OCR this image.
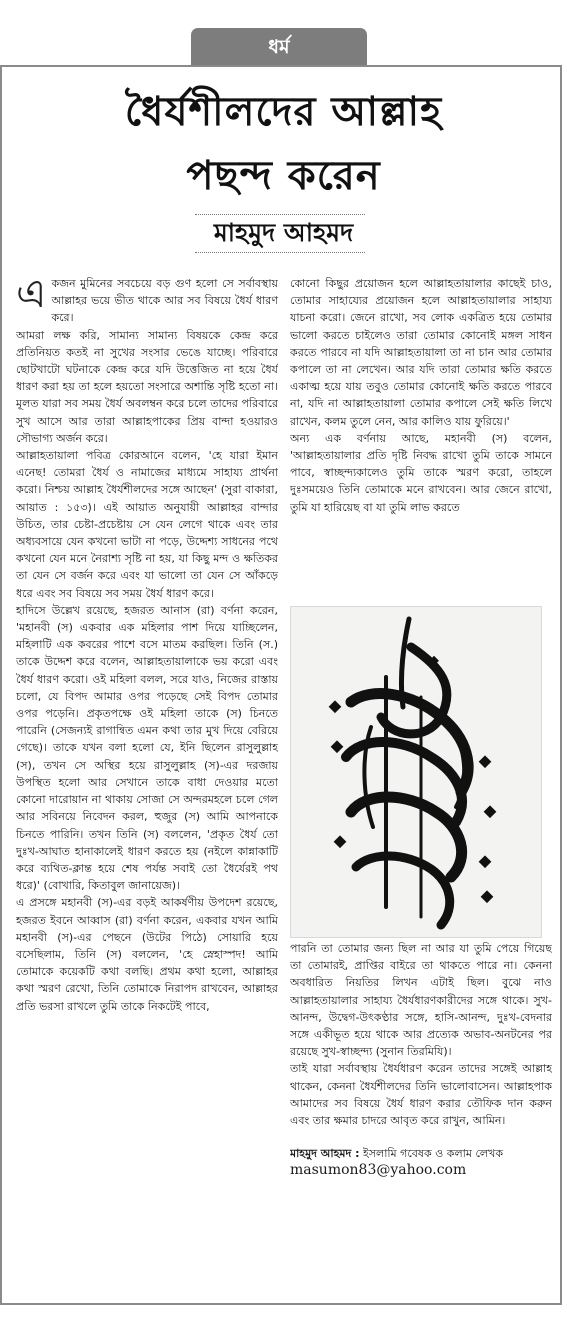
ধর্ম
ধৈর্যশীলদের আল্লাহ
পছন্দ করেন
মাহমুদ আহমদ

একজন মুমিনের সবচেয়ে বড় গুণ হলো সে সর্বাবস্থায় আল্লাহর ভয়ে ভীত থাকে আর সব বিষয়ে ধৈর্য ধারণ করে।

আমরা লক্ষ করি, সামান্য সামান্য বিষয়কে কেন্দ্র করে প্রতিনিয়ত কতই না সুখের সংসার ভেঙে যাচ্ছে। পরিবারে ছোটখাটো ঘটনাকে কেন্দ্র করে যদি উত্তেজিত না হয়ে ধৈর্য ধারণ করা হয় তা হলে হয়তো সংসারে অশান্তি সৃষ্টি হতো না। মূলত যারা সব সময় ধৈর্য অবলম্বন করে চলে তাদের পরিবারে সুখ আসে আর তারা আল্লাহপাকের প্রিয় বান্দা হওয়ারও সৌভাগ্য অর্জন করে।

আল্লাহতায়ালা পবিত্র কোরআনে বলেন, 'হে যারা ইমান এনেছ! তোমরা ধৈর্য ও নামাজের মাধ্যমে সাহায্য প্রার্থনা করো। নিশ্চয় আল্লাহ ধৈর্যশীলদের সঙ্গে আছেন' (সুরা বাকারা, আয়াত : ১৫৩)। এই আয়াত অনুযায়ী আল্লাহর বান্দার উচিত, তার চেষ্টা-প্রচেষ্টায় সে যেন লেগে থাকে এবং তার অধ্যবসায়ে যেন কখনো ভাটা না পড়ে, উদ্দেশ্য সাধনের পথে কখনো যেন মনে নৈরাশ্য সৃষ্টি না হয়, যা কিছু মন্দ ও ক্ষতিকর তা যেন সে বর্জন করে এবং যা ভালো তা যেন সে আঁকড়ে ধরে এবং সব বিষয়ে সব সময় ধৈর্য ধারণ করে।

হাদিসে উল্লেখ রয়েছে, হজরত আনাস (রা) বর্ণনা করেন, 'মহানবী (স) একবার এক মহিলার পাশ দিয়ে যাচ্ছিলেন, মহিলাটি এক কবরের পাশে বসে মাতম করছিল। তিনি (স.) তাকে উদ্দেশ করে বলেন, আল্লাহতায়ালাকে ভয় করো এবং ধৈর্য ধারণ করো। ওই মহিলা বলল, সরে যাও, নিজের রাস্তায় চলো, যে বিপদ আমার ওপর পড়েছে সেই বিপদ তোমার ওপর পড়েনি। প্রকৃতপক্ষে ওই মহিলা তাকে (স) চিনতে পারেনি (সেজন্যই রাগান্বিত এমন কথা তার মুখ দিয়ে বেরিয়ে গেছে)। তাকে যখন বলা হলো যে, ইনি ছিলেন রাসুলুল্লাহ (স), তখন সে অস্থির হয়ে রাসুলুল্লাহ (স)-এর দরজায় উপস্থিত হলো আর সেখানে তাকে বাধা দেওয়ার মতো কোনো দারোয়ান না থাকায় সোজা সে অন্দরমহলে চলে গেল আর সবিনয়ে নিবেদন করল, হুজুর (স) আমি আপনাকে চিনতে পারিনি। তখন তিনি (স) বললেন, 'প্রকৃত ধৈর্য তো দুঃখ-আঘাত হানাকালেই ধারণ করতে হয় (নইলে কান্নাকাটি করে ব্যথিত-ক্লান্ত হয়ে শেষ পর্যন্ত সবাই তো ধৈর্যেরই পথ ধরে)' (বোখারি, কিতাবুল জানায়েজ)।

এ প্রসঙ্গে মহানবী (স)-এর বড়ই আকর্ষণীয় উপদেশ রয়েছে, হজরত ইবনে আব্বাস (রা) বর্ণনা করেন, একবার যখন আমি মহানবী (স)-এর পেছনে (উটের পিঠে) সোয়ারি হয়ে বসেছিলাম, তিনি (স) বললেন, 'হে স্নেহাস্পদ! আমি তোমাকে কয়েকটি কথা বলছি। প্রথম কথা হলো, আল্লাহর কথা স্মরণ রেখো, তিনি তোমাকে নিরাপদ রাখবেন, আল্লাহর প্রতি ভরসা রাখলে তুমি তাকে নিকটেই পাবে,

কোনো কিছুর প্রয়োজন হলে আল্লাহতায়ালার কাছেই চাও, তোমার সাহায্যের প্রয়োজন হলে আল্লাহতায়ালার সাহায্য যাচনা করো। জেনে রাখো, সব লোক একত্রিত হয়ে তোমার ভালো করতে চাইলেও তারা তোমার কোনোই মঙ্গল সাধন করতে পারবে না যদি আল্লাহতায়ালা তা না চান আর তোমার কপালে তা না লেখেন। আর যদি তারা তোমার ক্ষতি করতে একাত্ম হয়ে যায় তবুও তোমার কোনোই ক্ষতি করতে পারবে না, যদি না আল্লাহতায়ালা তোমার কপালে সেই ক্ষতি লিখে রাখেন, কলম তুলে নেন, আর কালিও যায় ফুরিয়ে।'

অন্য এক বর্ণনায় আছে, মহানবী (স) বলেন, 'আল্লাহতায়ালার প্রতি দৃষ্টি নিবদ্ধ রাখো তুমি তাকে সামনে পাবে, স্বাচ্ছন্দ্যকালেও তুমি তাকে স্মরণ করো, তাহলে দুঃসময়েও তিনি তোমাকে মনে রাখবেন। আর জেনে রাখো, তুমি যা হারিয়েছ বা যা তুমি লাভ করতে

পারনি তা তোমার জন্য ছিল না আর যা তুমি পেয়ে গিয়েছ তা তোমারই, প্রাপ্তির বাইরে তা থাকতে পারে না। কেননা অবধারিত নিয়তির লিখন এটাই ছিল। বুঝে নাও আল্লাহতায়ালার সাহায্য ধৈর্যধারণকারীদের সঙ্গে থাকে। সুখ-আনন্দ, উদ্বেগ-উৎকণ্ঠার সঙ্গে, হাসি-আনন্দ, দুঃখ-বেদনার সঙ্গে একীভূত হয়ে থাকে আর প্রত্যেক অভাব-অনটনের পর রয়েছে সুখ-স্বাচ্ছন্দ্য (সুনান তিরমিযি)।

তাই যারা সর্বাবস্থায় ধৈর্যধারণ করেন তাদের সঙ্গেই আল্লাহ থাকেন, কেননা ধৈর্যশীলদের তিনি ভালোবাসেন। আল্লাহপাক আমাদের সব বিষয়ে ধৈর্য ধারণ করার তৌফিক দান করুন এবং তার ক্ষমার চাদরে আবৃত করে রাখুন, আমিন।

মাহমুদ আহমদ : ইসলামি গবেষক ও কলাম লেখক

masumon83@yahoo.com
